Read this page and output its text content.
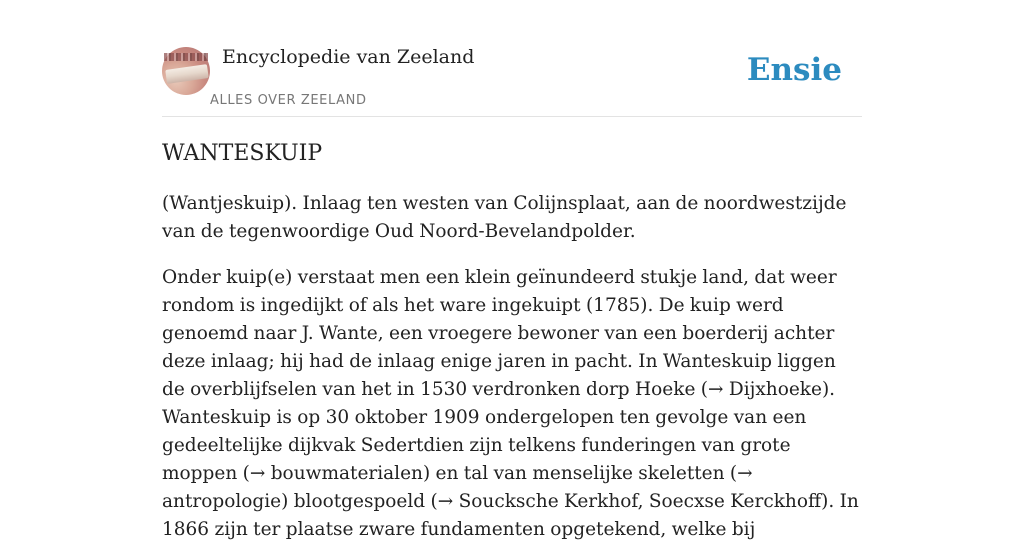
Encyclopedie van Zeeland
ALLES OVER ZEELAND
Ensie
WANTESKUIP

(Wantjeskuip). Inlaag ten westen van Colijnsplaat, aan de noordwestzijde van de tegenwoordige Oud Noord-Bevelandpolder.

Onder kuip(e) verstaat men een klein geïnundeerd stukje land, dat weer rondom is ingedijkt of als het ware ingekuipt (1785). De kuip werd genoemd naar J. Wante, een vroegere bewoner van een boerderij achter deze inlaag; hij had de inlaag enige jaren in pacht. In Wanteskuip liggen de overblijfselen van het in 1530 verdronken dorp Hoeke (→ Dijxhoeke). Wanteskuip is op 30 oktober 1909 ondergelopen ten gevolge van een gedeeltelijke dijkvak Sedertdien zijn telkens funderingen van grote moppen (→ bouwmaterialen) en tal van menselijke skeletten (→ antropologie) blootgespoeld (→ Soucksche Kerkhof, Soecxse Kerckhoff). In 1866 zijn ter plaatse zware fundamenten opgetekend, welke bij
